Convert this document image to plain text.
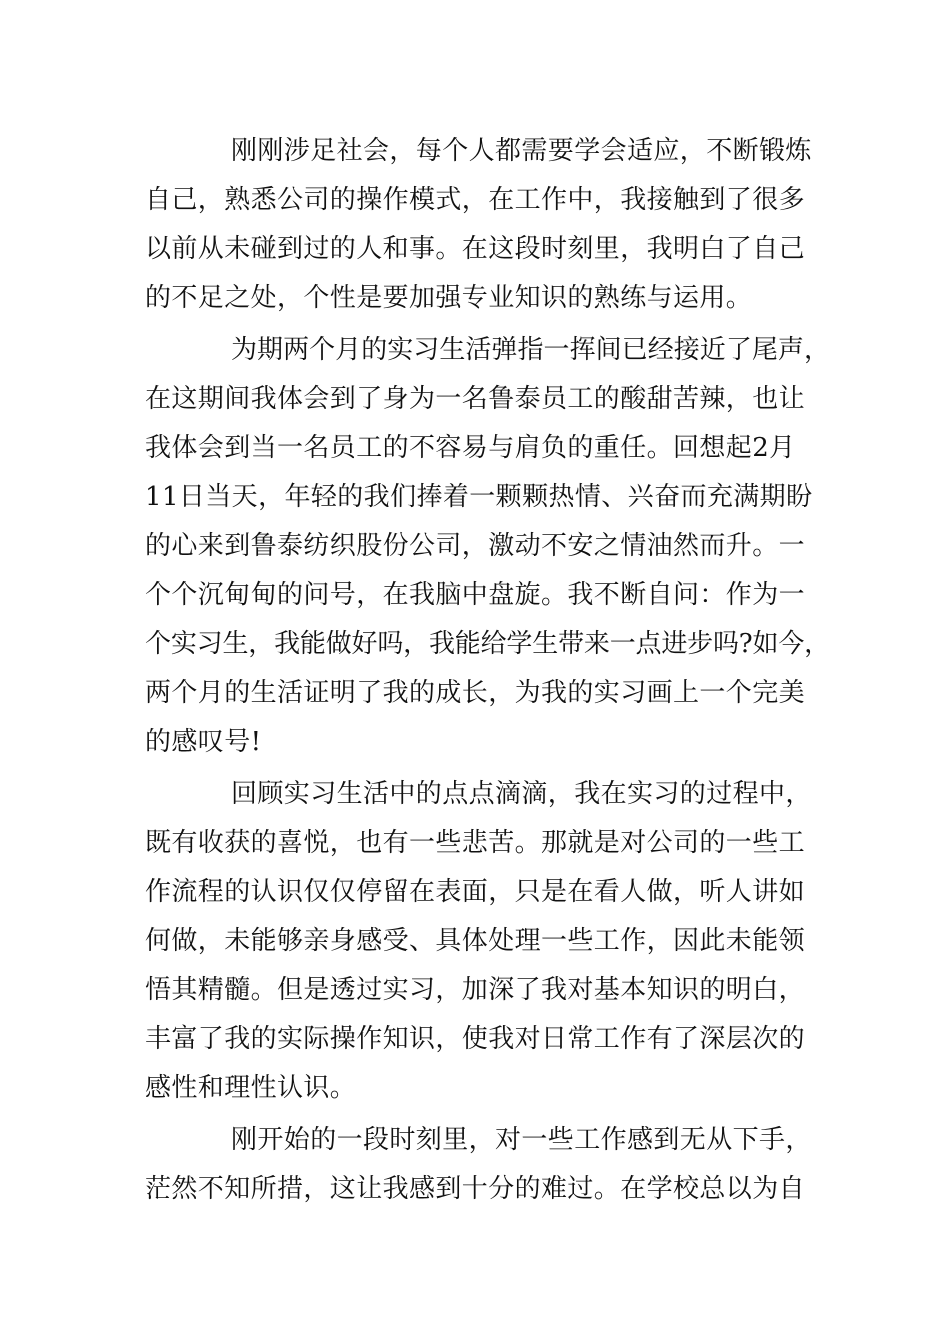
刚刚涉足社会，每个人都需要学会适应，不断锻炼
自己，熟悉公司的操作模式，在工作中，我接触到了很多
以前从未碰到过的人和事。在这段时刻里，我明白了自己
的不足之处，个性是要加强专业知识的熟练与运用。
为期两个月的实习生活弹指一挥间已经接近了尾声，
在这期间我体会到了身为一名鲁泰员工的酸甜苦辣，也让
我体会到当一名员工的不容易与肩负的重任。回想起2月
11日当天，年轻的我们捧着一颗颗热情、兴奋而充满期盼
的心来到鲁泰纺织股份公司，激动不安之情油然而升。一
个个沉甸甸的问号，在我脑中盘旋。我不断自问：作为一
个实习生，我能做好吗，我能给学生带来一点进步吗?如今，
两个月的生活证明了我的成长，为我的实习画上一个完美
的感叹号!
回顾实习生活中的点点滴滴，我在实习的过程中，
既有收获的喜悦，也有一些悲苦。那就是对公司的一些工
作流程的认识仅仅停留在表面，只是在看人做，听人讲如
何做，未能够亲身感受、具体处理一些工作，因此未能领
悟其精髓。但是透过实习，加深了我对基本知识的明白，
丰富了我的实际操作知识，使我对日常工作有了深层次的
感性和理性认识。
刚开始的一段时刻里，对一些工作感到无从下手，
茫然不知所措，这让我感到十分的难过。在学校总以为自
